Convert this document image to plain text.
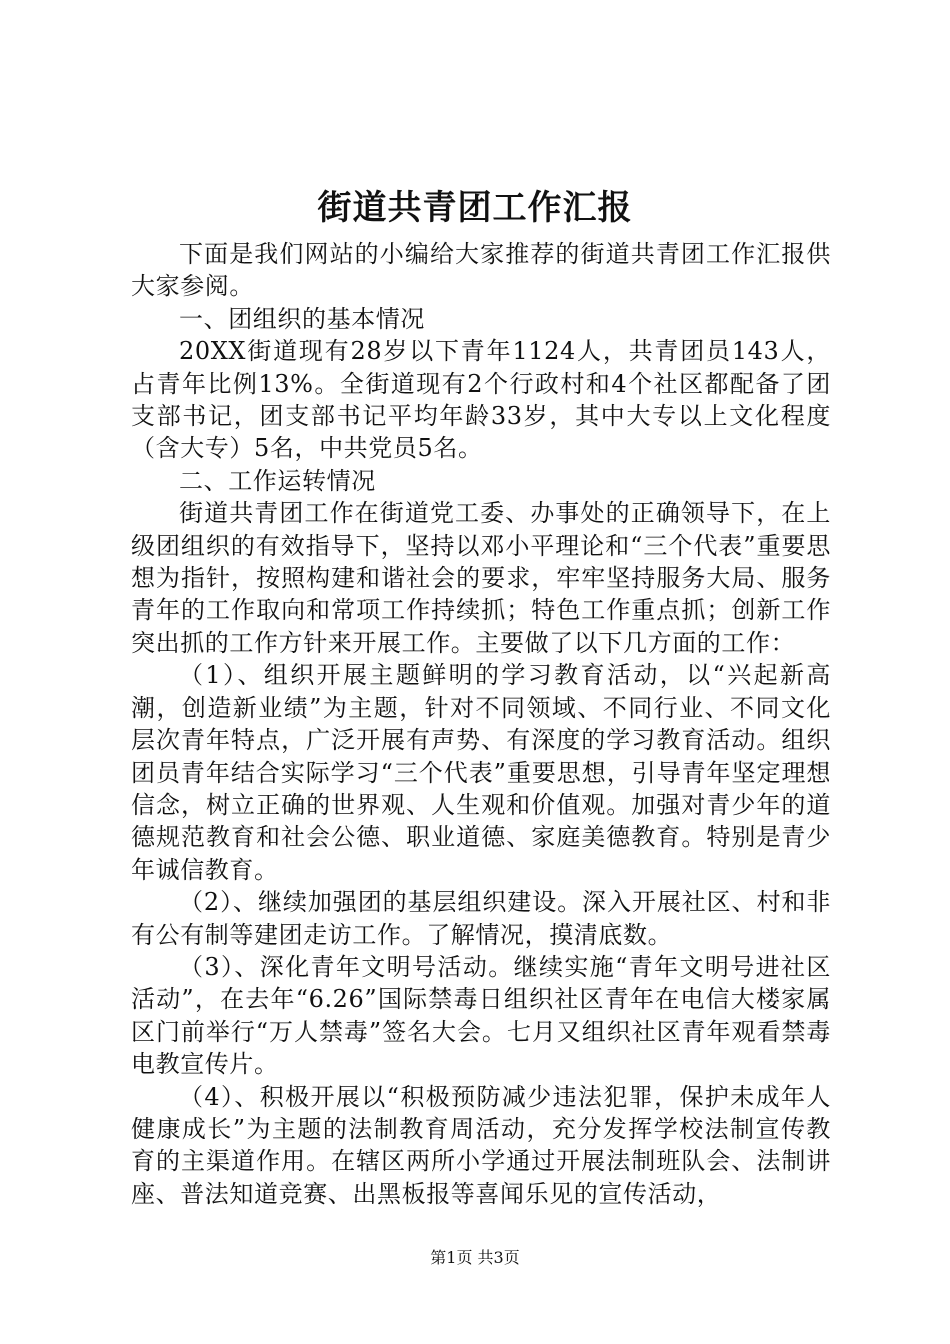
街道共青团工作汇报

下面是我们网站的小编给大家推荐的街道共青团工作汇报供大家参阅。

一、团组织的基本情况

20XX街道现有28岁以下青年1124人，共青团员143人，占青年比例13%。全街道现有2个行政村和4个社区都配备了团支部书记，团支部书记平均年龄33岁，其中大专以上文化程度（含大专）5名，中共党员5名。

二、工作运转情况

街道共青团工作在街道党工委、办事处的正确领导下，在上级团组织的有效指导下，坚持以邓小平理论和“三个代表”重要思想为指针，按照构建和谐社会的要求，牢牢坚持服务大局、服务青年的工作取向和常项工作持续抓；特色工作重点抓；创新工作突出抓的工作方针来开展工作。主要做了以下几方面的工作：

（1）、组织开展主题鲜明的学习教育活动，以“兴起新高潮，创造新业绩”为主题，针对不同领域、不同行业、不同文化层次青年特点，广泛开展有声势、有深度的学习教育活动。组织团员青年结合实际学习“三个代表”重要思想，引导青年坚定理想信念，树立正确的世界观、人生观和价值观。加强对青少年的道德规范教育和社会公德、职业道德、家庭美德教育。特别是青少年诚信教育。

（2）、继续加强团的基层组织建设。深入开展社区、村和非有公有制等建团走访工作。了解情况，摸清底数。

（3）、深化青年文明号活动。继续实施“青年文明号进社区活动”，在去年“6.26”国际禁毒日组织社区青年在电信大楼家属区门前举行“万人禁毒”签名大会。七月又组织社区青年观看禁毒电教宣传片。

（4）、积极开展以“积极预防减少违法犯罪，保护未成年人健康成长”为主题的法制教育周活动，充分发挥学校法制宣传教育的主渠道作用。在辖区两所小学通过开展法制班队会、法制讲座、普法知道竞赛、出黑板报等喜闻乐见的宣传活动，

第1页 共3页
